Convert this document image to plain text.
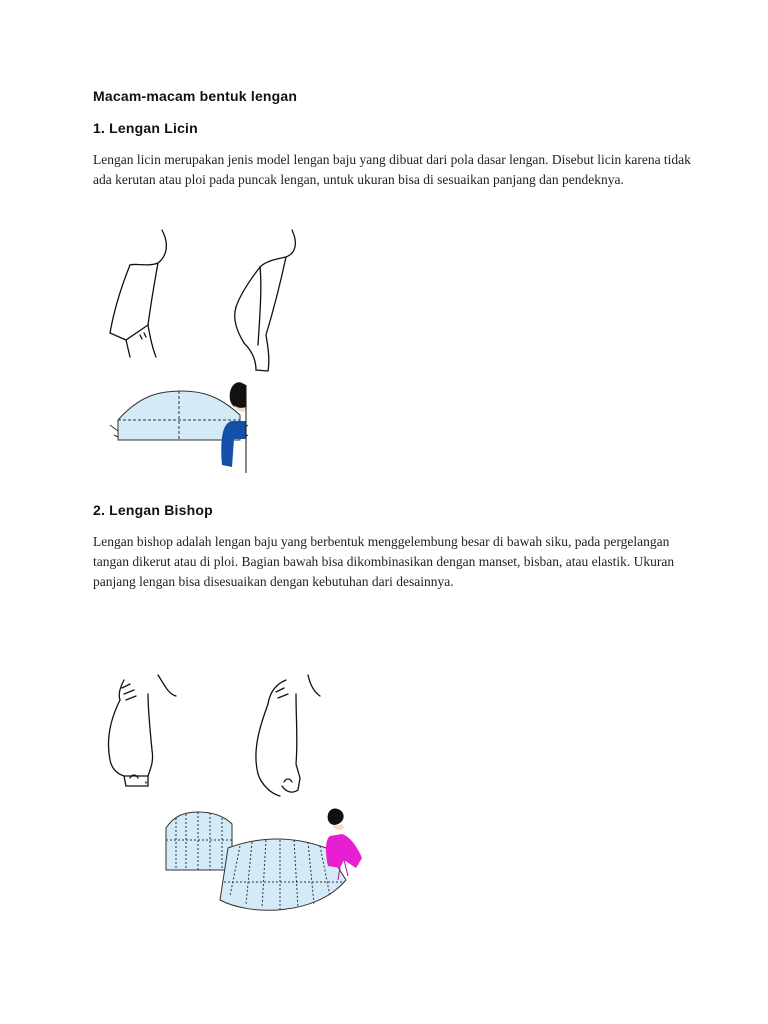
Macam-macam bentuk lengan
1. Lengan Licin

Lengan licin merupakan jenis model lengan baju yang dibuat dari pola dasar lengan. Disebut licin karena tidak ada kerutan atau ploi pada puncak lengan, untuk ukuran bisa di sesuaikan panjang dan pendeknya.

2. Lengan Bishop

Lengan bishop adalah lengan baju yang berbentuk menggelembung besar di bawah siku, pada pergelangan tangan dikerut atau di ploi. Bagian bawah bisa dikombinasikan dengan manset, bisban, atau elastik. Ukuran panjang lengan bisa disesuaikan dengan kebutuhan dari desainnya.
